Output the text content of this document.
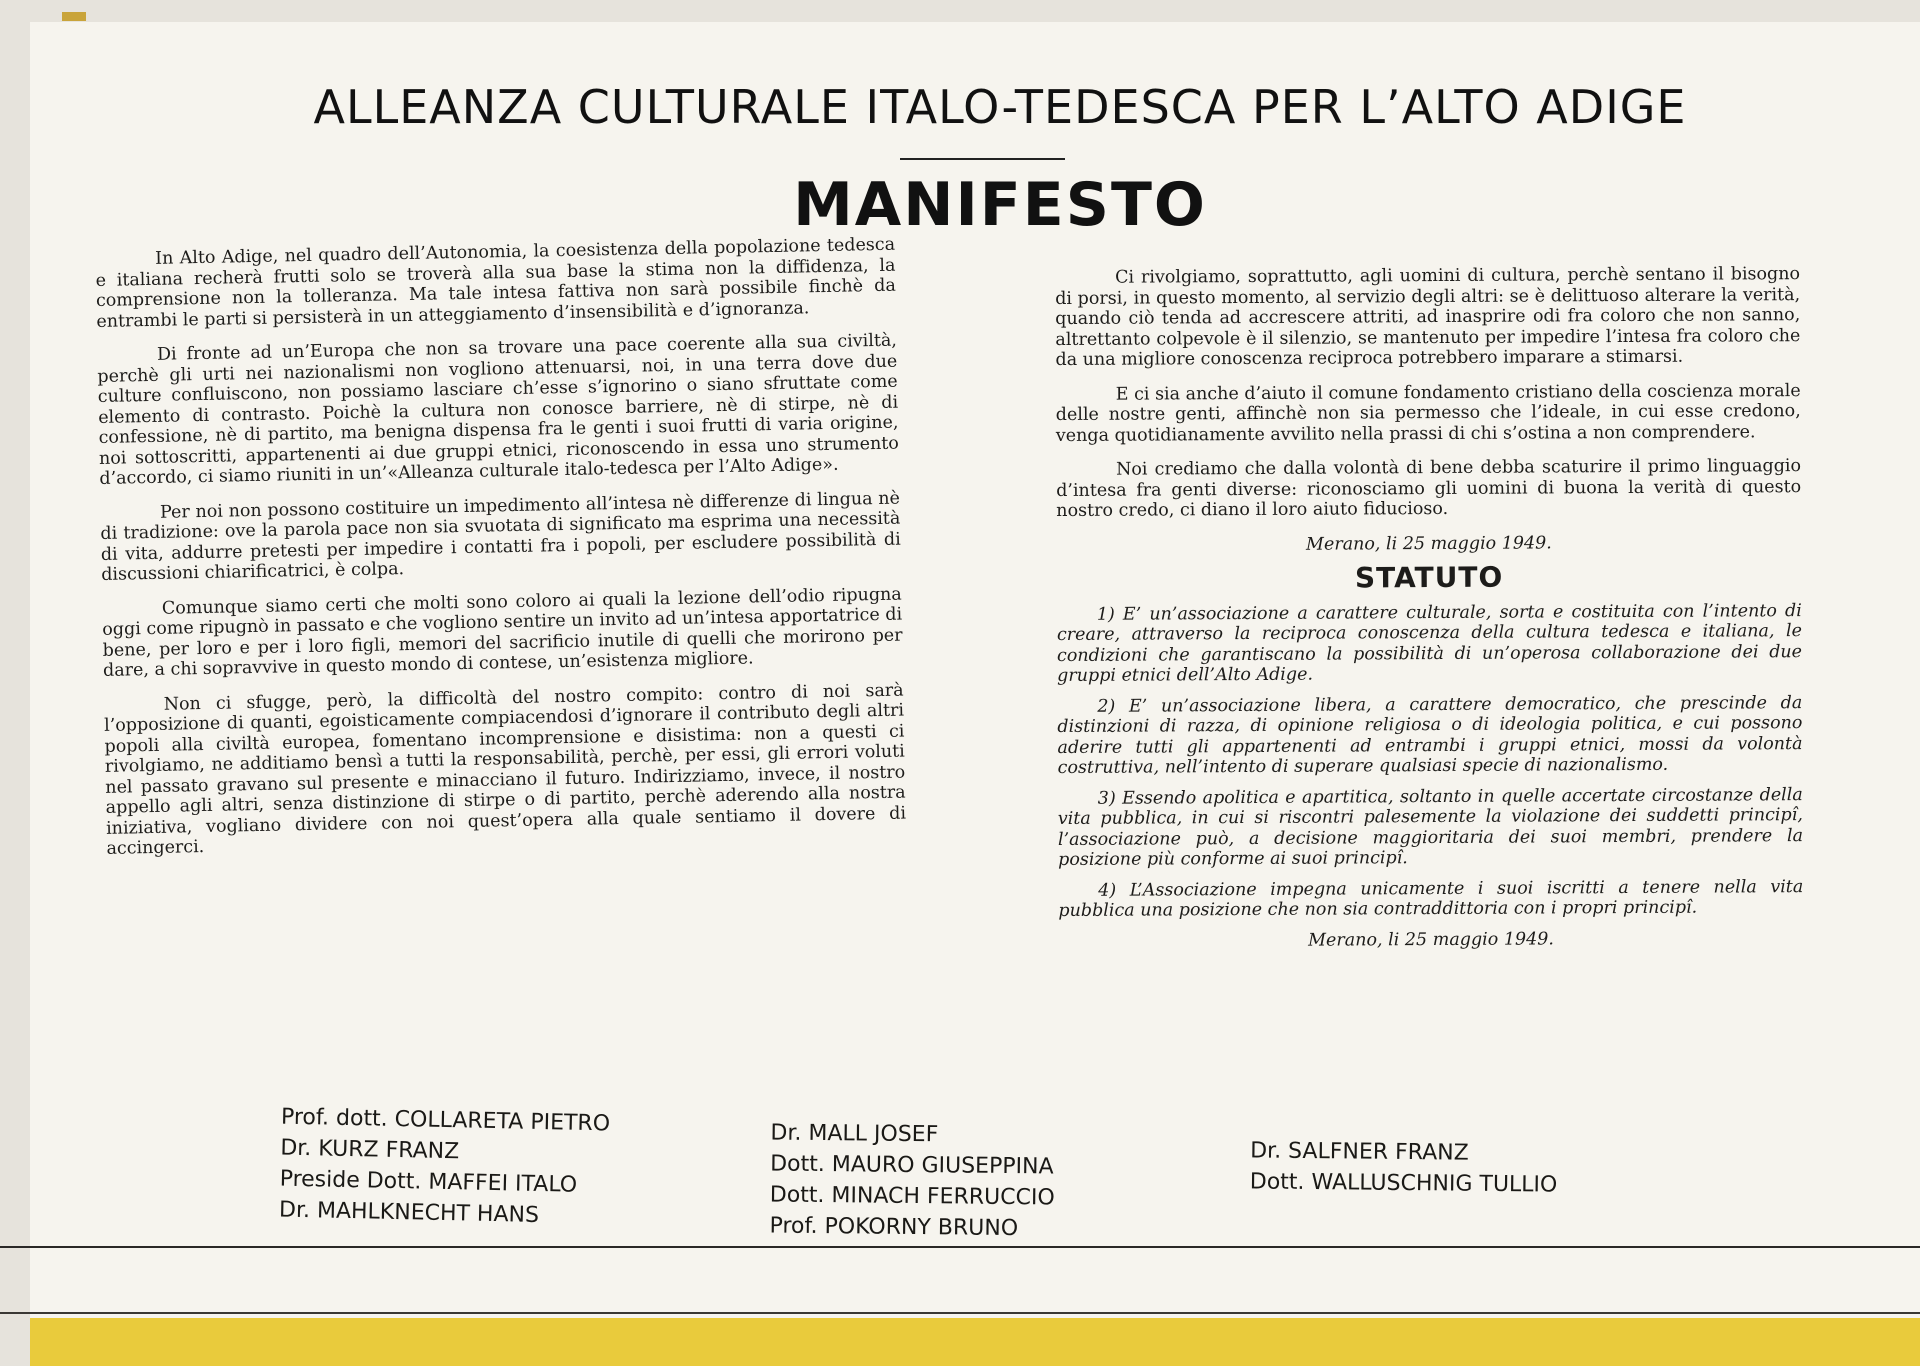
ALLEANZA CULTURALE ITALO-TEDESCA PER L’ALTO ADIGE
MANIFESTO

In Alto Adige, nel quadro dell’Autonomia, la coesistenza della popolazione tedesca e italiana recherà frutti solo se troverà alla sua base la stima non la diffidenza, la comprensione non la tolleranza. Ma tale intesa fattiva non sarà possibile finchè da entrambi le parti si persisterà in un atteggiamento d’insensibilità e d’ignoranza.

Di fronte ad un’Europa che non sa trovare una pace coerente alla sua civiltà, perchè gli urti nei nazionalismi non vogliono attenuarsi, noi, in una terra dove due culture confluiscono, non possiamo lasciare ch’esse s’ignorino o siano sfruttate come elemento di contrasto. Poichè la cultura non conosce barriere, nè di stirpe, nè di confessione, nè di partito, ma benigna dispensa fra le genti i suoi frutti di varia origine, noi sottoscritti, appartenenti ai due gruppi etnici, riconoscendo in essa uno strumento d’accordo, ci siamo riuniti in un’«Alleanza culturale italo-tedesca per l’Alto Adige».

Per noi non possono costituire un impedimento all’intesa nè differenze di lingua nè di tradizione: ove la parola pace non sia svuotata di significato ma esprima una necessità di vita, addurre pretesti per impedire i contatti fra i popoli, per escludere possibilità di discussioni chiarificatrici, è colpa.

Comunque siamo certi che molti sono coloro ai quali la lezione dell’odio ripugna oggi come ripugnò in passato e che vogliono sentire un invito ad un’intesa apportatrice di bene, per loro e per i loro figli, memori del sacrificio inutile di quelli che morirono per dare, a chi sopravvive in questo mondo di contese, un’esistenza migliore.

Non ci sfugge, però, la difficoltà del nostro compito: contro di noi sarà l’opposizione di quanti, egoisticamente compiacendosi d’ignorare il contributo degli altri popoli alla civiltà europea, fomentano incomprensione e disistima: non a questi ci rivolgiamo, ne additiamo bensì a tutti la responsabilità, perchè, per essi, gli errori voluti nel passato gravano sul presente e minacciano il futuro. Indirizziamo, invece, il nostro appello agli altri, senza distinzione di stirpe o di partito, perchè aderendo alla nostra iniziativa, vogliano dividere con noi quest’opera alla quale sentiamo il dovere di accingerci.

Ci rivolgiamo, soprattutto, agli uomini di cultura, perchè sentano il bisogno di porsi, in questo momento, al servizio degli altri: se è delittuoso alterare la verità, quando ciò tenda ad accrescere attriti, ad inasprire odi fra coloro che non sanno, altrettanto colpevole è il silenzio, se mantenuto per impedire l’intesa fra coloro che da una migliore conoscenza reciproca potrebbero imparare a stimarsi.

E ci sia anche d’aiuto il comune fondamento cristiano della coscienza morale delle nostre genti, affinchè non sia permesso che l’ideale, in cui esse credono, venga quotidianamente avvilito nella prassi di chi s’ostina a non comprendere.

Noi crediamo che dalla volontà di bene debba scaturire il primo linguaggio d’intesa fra genti diverse: riconosciamo gli uomini di buona la verità di questo nostro credo, ci diano il loro aiuto fiducioso.

Merano, li 25 maggio 1949.
STATUTO

1) E’ un’associazione a carattere culturale, sorta e costituita con l’intento di creare, attraverso la reciproca conoscenza della cultura tedesca e italiana, le condizioni che garantiscano la possibilità di un’operosa collaborazione dei due gruppi etnici dell’Alto Adige.

2) E’ un’associazione libera, a carattere democratico, che prescinde da distinzioni di razza, di opinione religiosa o di ideologia politica, e cui possono aderire tutti gli appartenenti ad entrambi i gruppi etnici, mossi da volontà costruttiva, nell’intento di superare qualsiasi specie di nazionalismo.

3) Essendo apolitica e apartitica, soltanto in quelle accertate circostanze della vita pubblica, in cui si riscontri palesemente la violazione dei suddetti principî, l’associazione può, a decisione maggioritaria dei suoi membri, prendere la posizione più conforme ai suoi principî.

4) L’Associazione impegna unicamente i suoi iscritti a tenere nella vita pubblica una posizione che non sia contraddittoria con i propri principî.

Merano, li 25 maggio 1949.
Prof. dott. COLLARETA PIETRO
Dr. KURZ FRANZ
Preside Dott. MAFFEI ITALO
Dr. MAHLKNECHT HANS
Dr. MALL JOSEF
Dott. MAURO GIUSEPPINA
Dott. MINACH FERRUCCIO
Prof. POKORNY BRUNO
Dr. SALFNER FRANZ
Dott. WALLUSCHNIG TULLIO
